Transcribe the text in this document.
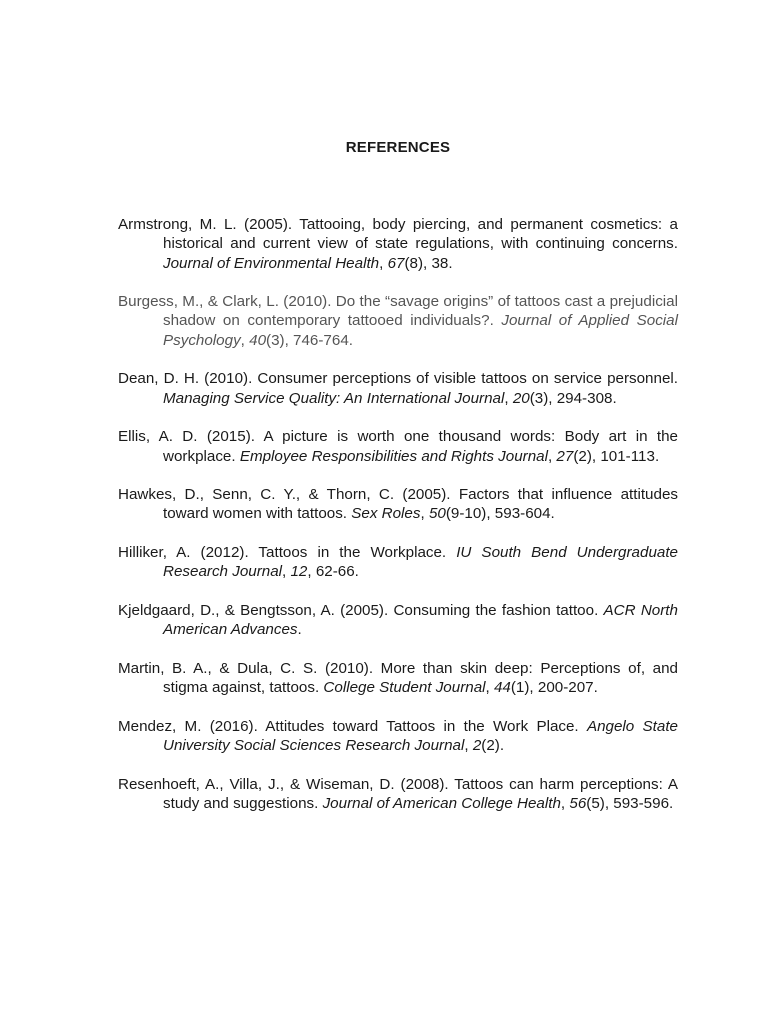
REFERENCES

Armstrong, M. L. (2005). Tattooing, body piercing, and permanent cosmetics: a historical and current view of state regulations, with continuing concerns. Journal of Environmental Health, 67(8), 38.

Burgess, M., & Clark, L. (2010). Do the “savage origins” of tattoos cast a prejudicial shadow on contemporary tattooed individuals?. Journal of Applied Social Psychology, 40(3), 746-764.

Dean, D. H. (2010). Consumer perceptions of visible tattoos on service personnel. Managing Service Quality: An International Journal, 20(3), 294-308.

Ellis, A. D. (2015). A picture is worth one thousand words: Body art in the workplace. Employee Responsibilities and Rights Journal, 27(2), 101-113.

Hawkes, D., Senn, C. Y., & Thorn, C. (2005). Factors that influence attitudes toward women with tattoos. Sex Roles, 50(9-10), 593-604.

Hilliker, A. (2012). Tattoos in the Workplace. IU South Bend Undergraduate Research Journal, 12, 62-66.

Kjeldgaard, D., & Bengtsson, A. (2005). Consuming the fashion tattoo. ACR North American Advances.

Martin, B. A., & Dula, C. S. (2010). More than skin deep: Perceptions of, and stigma against, tattoos. College Student Journal, 44(1), 200-207.

Mendez, M. (2016). Attitudes toward Tattoos in the Work Place. Angelo State University Social Sciences Research Journal, 2(2).

Resenhoeft, A., Villa, J., & Wiseman, D. (2008). Tattoos can harm perceptions: A study and suggestions. Journal of American College Health, 56(5), 593-596.
